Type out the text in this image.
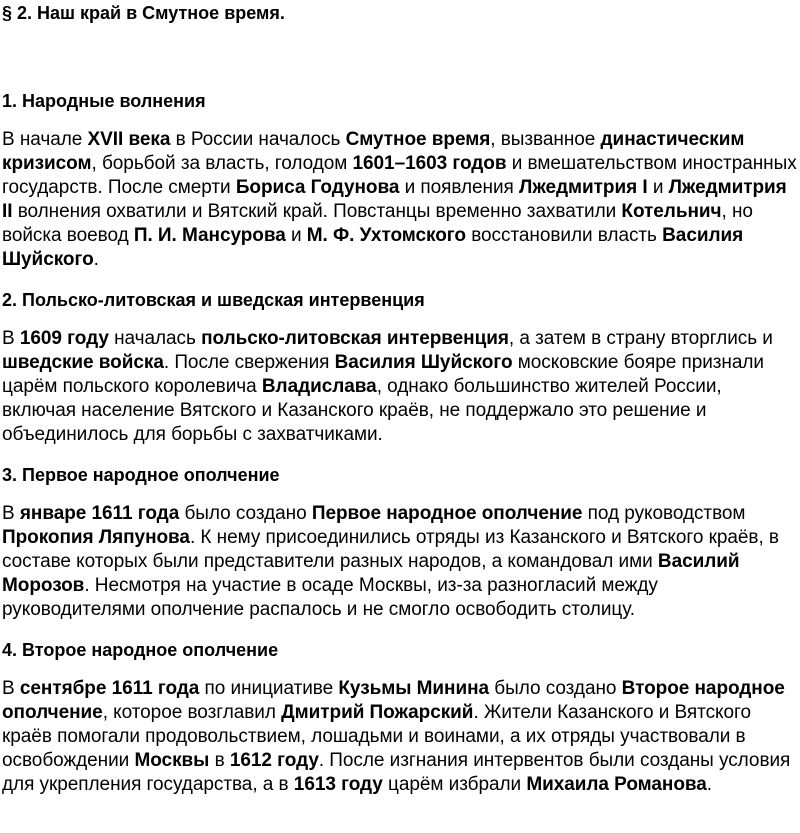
§ 2. Наш край в Смутное время.
1. Народные волнения

В начале XVII века в России началось Смутное время, вызванное династическим кризисом, борьбой за власть, голодом 1601–1603 годов и вмешательством иностранных государств. После смерти Бориса Годунова и появления Лжедмитрия I и Лжедмитрия II волнения охватили и Вятский край. Повстанцы временно захватили Котельнич, но войска воевод П. И. Мансурова и М. Ф. Ухтомского восстановили власть Василия Шуйского.

2. Польско-литовская и шведская интервенция

В 1609 году началась польско-литовская интервенция, а затем в страну вторглись и шведские войска. После свержения Василия Шуйского московские бояре признали царём польского королевича Владислава, однако большинство жителей России, включая население Вятского и Казанского краёв, не поддержало это решение и объединилось для борьбы с захватчиками.

3. Первое народное ополчение

В январе 1611 года было создано Первое народное ополчение под руководством Прокопия Ляпунова. К нему присоединились отряды из Казанского и Вятского краёв, в составе которых были представители разных народов, а командовал ими Василий Морозов. Несмотря на участие в осаде Москвы, из-за разногласий между руководителями ополчение распалось и не смогло освободить столицу.

4. Второе народное ополчение

В сентябре 1611 года по инициативе Кузьмы Минина было создано Второе народное ополчение, которое возглавил Дмитрий Пожарский. Жители Казанского и Вятского краёв помогали продовольствием, лошадьми и воинами, а их отряды участвовали в освобождении Москвы в 1612 году. После изгнания интервентов были созданы условия для укрепления государства, а в 1613 году царём избрали Михаила Романова.
